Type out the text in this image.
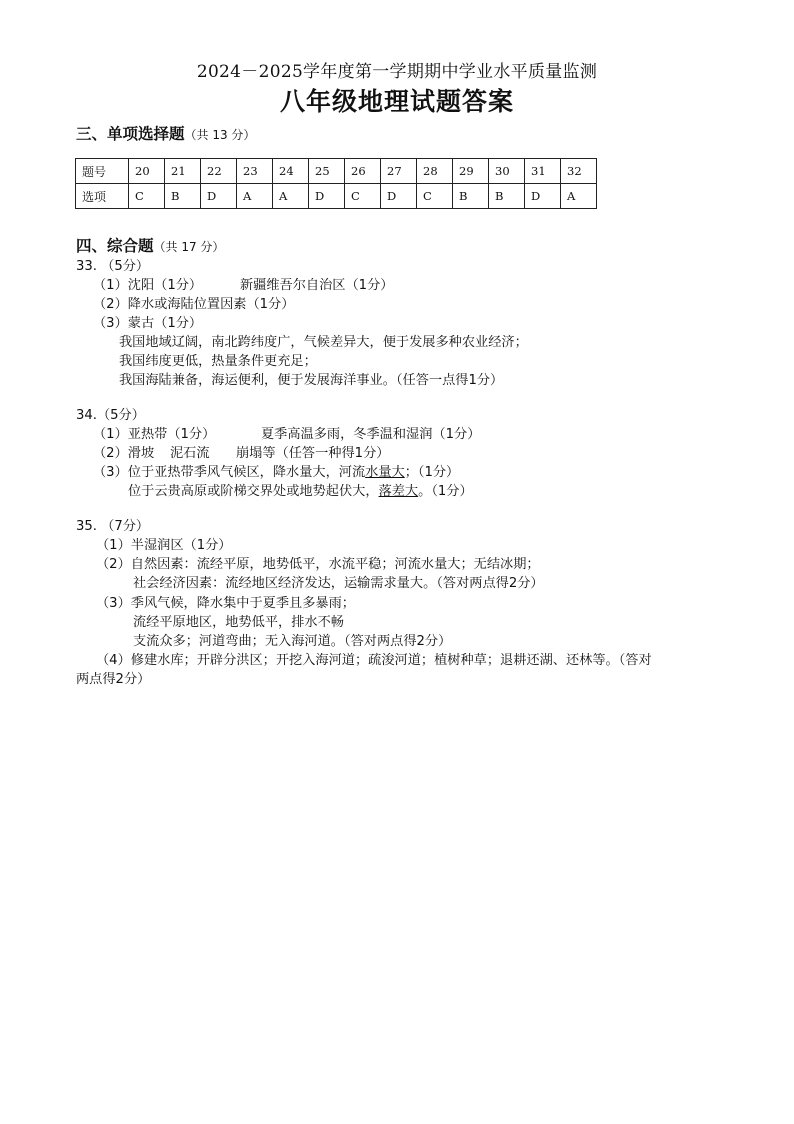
2024－2025学年度第一学期期中学业水平质量监测
八年级地理试题答案
三、单项选择题（共 13 分）
题号	20	21	22	23	24	25	26	27	28	29	30	31	32
选项	C	B	D	A	A	D	C	D	C	B	B	D	A
四、综合题（共 17 分）
33. （5分）
（1）沈阳（1分）	新疆维吾尔自治区（1分）
（2）降水或海陆位置因素（1分）
（3）蒙古（1分）
我国地域辽阔，南北跨纬度广，气候差异大，便于发展多种农业经济；
我国纬度更低，热量条件更充足；
我国海陆兼备，海运便利，便于发展海洋事业。（任答一点得1分）
34.（5分）
（1）亚热带（1分）	夏季高温多雨，冬季温和湿润（1分）
（2）滑坡 泥石流 崩塌等（任答一种得1分）
（3）位于亚热带季风气候区，降水量大，河流水量大；（1分）
位于云贵高原或阶梯交界处或地势起伏大，落差大。（1分）
35. （7分）
（1）半湿润区（1分）
（2）自然因素：流经平原，地势低平，水流平稳；河流水量大；无结冰期；
社会经济因素：流经地区经济发达，运输需求量大。（答对两点得2分）
（3）季风气候，降水集中于夏季且多暴雨；
流经平原地区，地势低平，排水不畅
支流众多；河道弯曲；无入海河道。（答对两点得2分）
（4）修建水库；开辟分洪区；开挖入海河道；疏浚河道；植树种草；退耕还湖、还林等。（答对
两点得2分）
